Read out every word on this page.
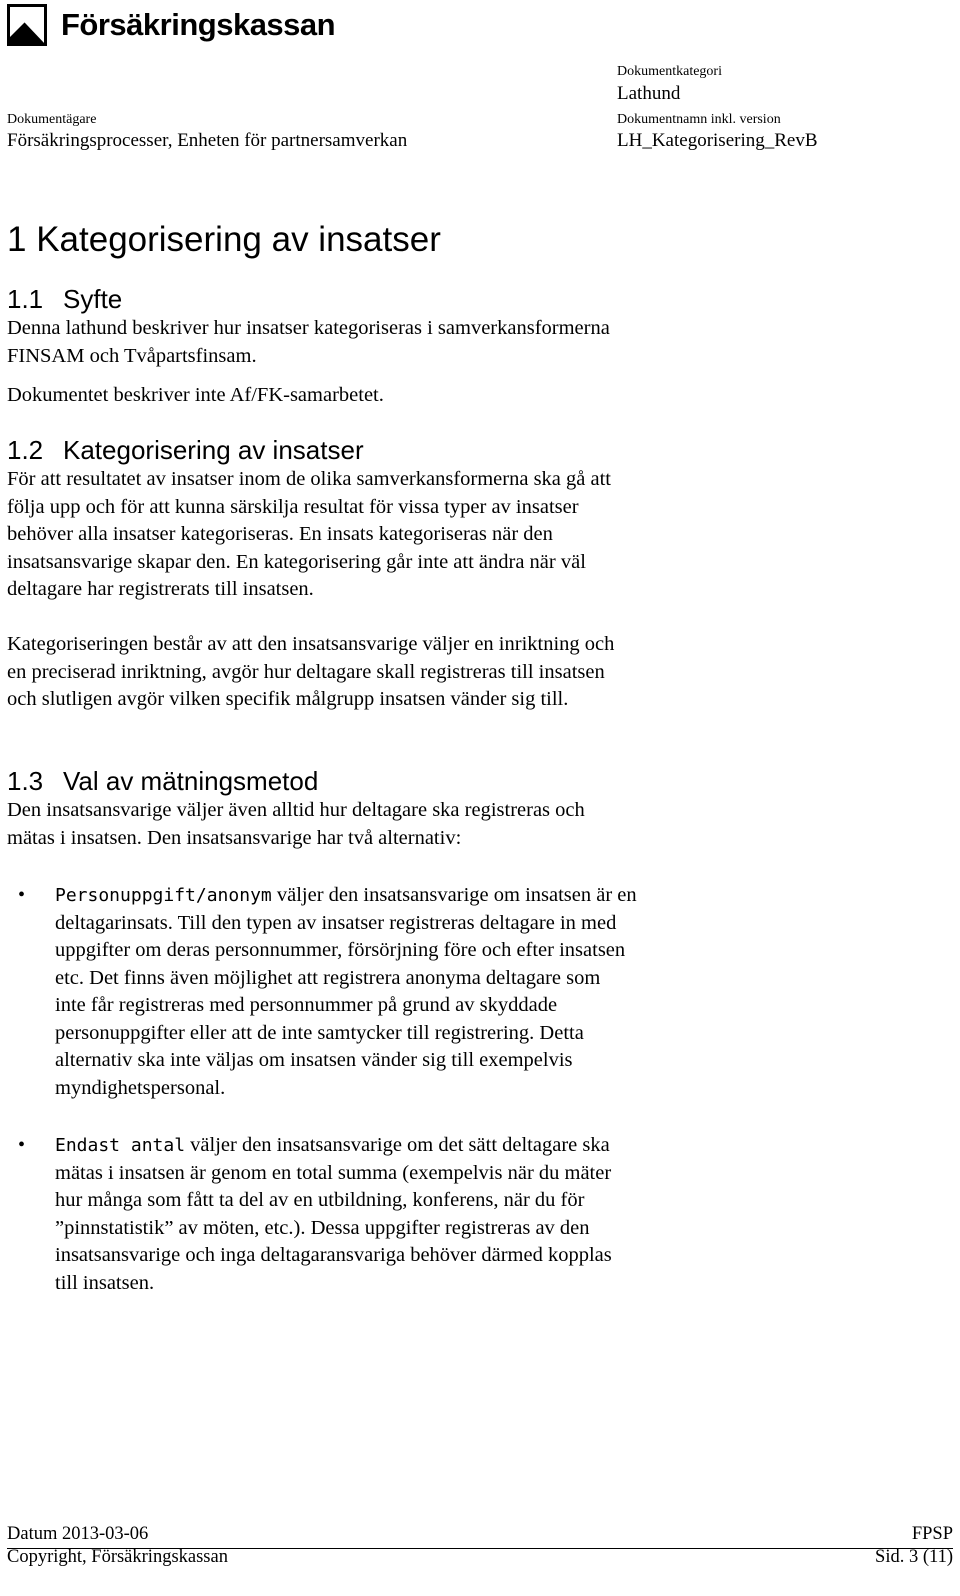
Försäkringskassan
Dokumentkategori
Lathund
Dokumentägare
Försäkringsprocesser, Enheten för partnersamverkan
Dokumentnamn inkl. version
LH_Kategorisering_RevB
1 Kategorisering av insatser
1.1 Syfte

Denna lathund beskriver hur insatser kategoriseras i samverkansformerna
FINSAM och Tvåpartsfinsam.

Dokumentet beskriver inte Af/FK-samarbetet.

1.2 Kategorisering av insatser

För att resultatet av insatser inom de olika samverkansformerna ska gå att
följa upp och för att kunna särskilja resultat för vissa typer av insatser
behöver alla insatser kategoriseras. En insats kategoriseras när den
insatsansvarige skapar den. En kategorisering går inte att ändra när väl
deltagare har registrerats till insatsen.

Kategoriseringen består av att den insatsansvarige väljer en inriktning och
en preciserad inriktning, avgör hur deltagare skall registreras till insatsen
och slutligen avgör vilken specifik målgrupp insatsen vänder sig till.

1.3 Val av mätningsmetod

Den insatsansvarige väljer även alltid hur deltagare ska registreras och
mätas i insatsen. Den insatsansvarige har två alternativ:

• Personuppgift/anonym väljer den insatsansvarige om insatsen är en
deltagarinsats. Till den typen av insatser registreras deltagare in med
uppgifter om deras personnummer, försörjning före och efter insatsen
etc. Det finns även möjlighet att registrera anonyma deltagare som
inte får registreras med personnummer på grund av skyddade
personuppgifter eller att de inte samtycker till registrering. Detta
alternativ ska inte väljas om insatsen vänder sig till exempelvis
myndighetspersonal.

• Endast antal väljer den insatsansvarige om det sätt deltagare ska
mätas i insatsen är genom en total summa (exempelvis när du mäter
hur många som fått ta del av en utbildning, konferens, när du för
”pinnstatistik” av möten, etc.). Dessa uppgifter registreras av den
insatsansvarige och inga deltagaransvariga behöver därmed kopplas
till insatsen.

Datum 2013-03-06	FPSP
Copyright, Försäkringskassan	Sid. 3 (11)
